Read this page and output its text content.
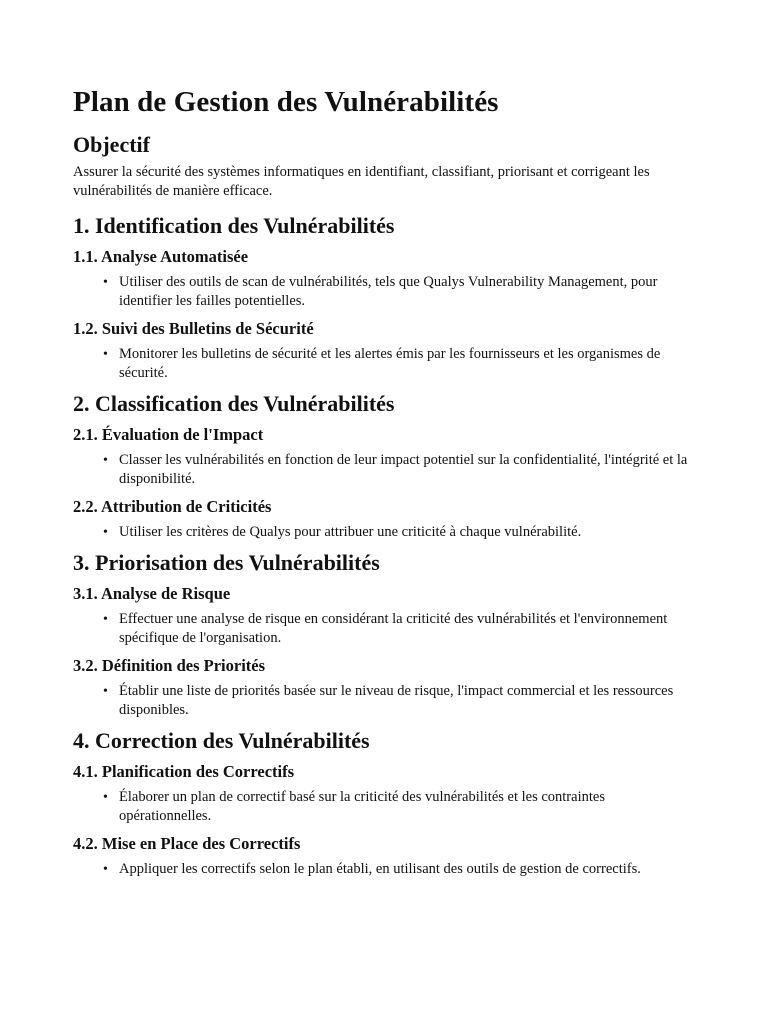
Plan de Gestion des Vulnérabilités
Objectif

Assurer la sécurité des systèmes informatiques en identifiant, classifiant, priorisant et corrigeant les vulnérabilités de manière efficace.

1. Identification des Vulnérabilités
1.1. Analyse Automatisée
• Utiliser des outils de scan de vulnérabilités, tels que Qualys Vulnerability Management, pour identifier les failles potentielles.
1.2. Suivi des Bulletins de Sécurité
• Monitorer les bulletins de sécurité et les alertes émis par les fournisseurs et les organismes de sécurité.
2. Classification des Vulnérabilités
2.1. Évaluation de l'Impact
• Classer les vulnérabilités en fonction de leur impact potentiel sur la confidentialité, l'intégrité et la disponibilité.
2.2. Attribution de Criticités
• Utiliser les critères de Qualys pour attribuer une criticité à chaque vulnérabilité.
3. Priorisation des Vulnérabilités
3.1. Analyse de Risque
• Effectuer une analyse de risque en considérant la criticité des vulnérabilités et l'environnement spécifique de l'organisation.
3.2. Définition des Priorités
• Établir une liste de priorités basée sur le niveau de risque, l'impact commercial et les ressources disponibles.
4. Correction des Vulnérabilités
4.1. Planification des Correctifs
• Élaborer un plan de correctif basé sur la criticité des vulnérabilités et les contraintes opérationnelles.
4.2. Mise en Place des Correctifs
• Appliquer les correctifs selon le plan établi, en utilisant des outils de gestion de correctifs.
